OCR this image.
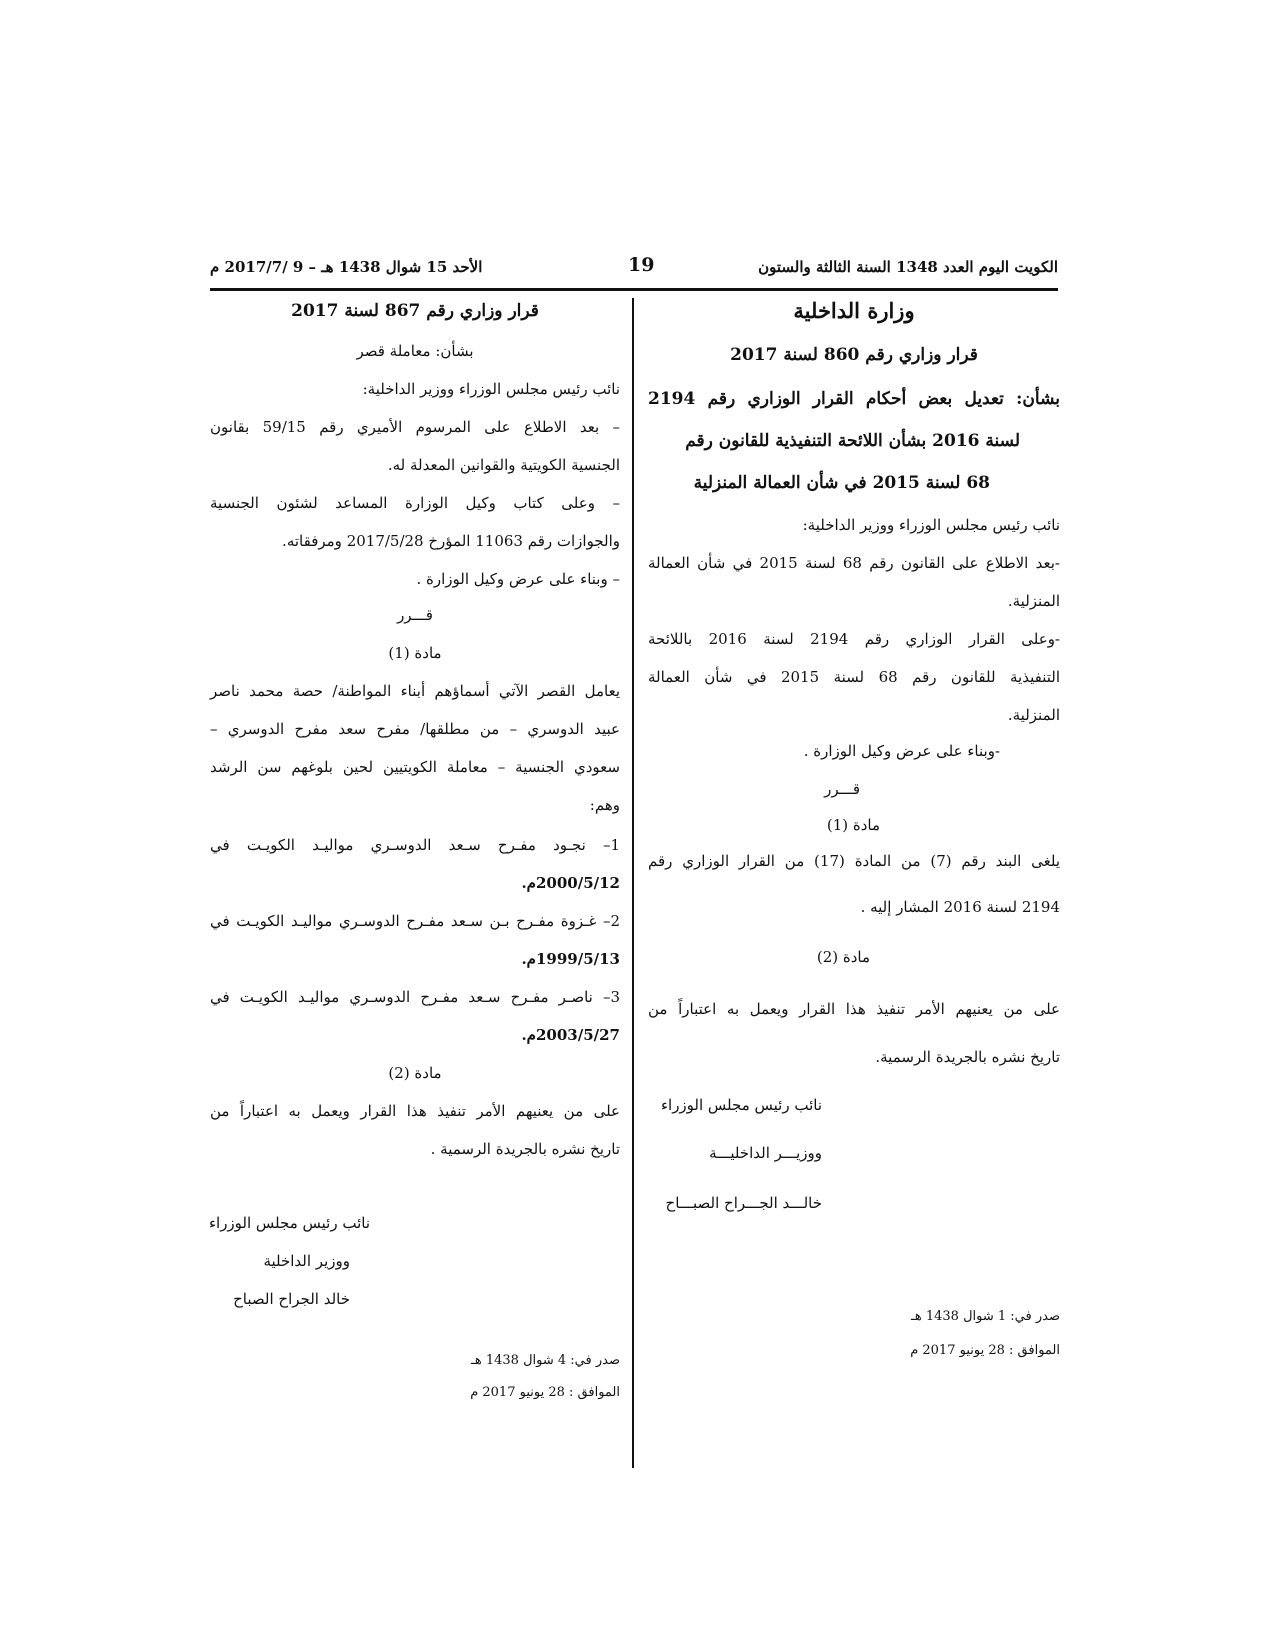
الكويت اليوم العدد 1348 السنة الثالثة والستون
19
الأحد 15 شوال 1438 هـ – 9 /2017/7 م
وزارة الداخلية
قرار وزاري رقم 860 لسنة 2017
بشأن: تعديل بعض أحكام القرار الوزاري رقم 2194
لسنة 2016 بشأن اللائحة التنفيذية للقانون رقم
68 لسنة 2015 في شأن العمالة المنزلية
نائب رئيس مجلس الوزراء ووزير الداخلية:
-بعد الاطلاع على القانون رقم 68 لسنة 2015 في شأن العمالة
المنزلية.
-وعلى القرار الوزاري رقم 2194 لسنة 2016 باللائحة
التنفيذية للقانون رقم 68 لسنة 2015 في شأن العمالة
المنزلية.
-وبناء على عرض وكيل الوزارة .
قـــرر
مادة (1)
يلغى البند رقم (7) من المادة (17) من القرار الوزاري رقم
2194 لسنة 2016 المشار إليه .
مادة (2)
على من يعنيهم الأمر تنفيذ هذا القرار ويعمل به اعتباراً من
تاريخ نشره بالجريدة الرسمية.
نائب رئيس مجلس الوزراء
ووزيـــر الداخليـــة
خالـــد الجـــراح الصبـــاح
صدر في: 1 شوال 1438 هـ
الموافق : 28 يونيو 2017 م
قرار وزاري رقم 867 لسنة 2017
بشأن: معاملة قصر
نائب رئيس مجلس الوزراء ووزير الداخلية:
– بعد الاطلاع على المرسوم الأميري رقم 59/15 بقانون
الجنسية الكويتية والقوانين المعدلة له.
– وعلى كتاب وكيل الوزارة المساعد لشئون الجنسية
والجوازات رقم 11063 المؤرخ 2017/5/28 ومرفقاته.
– وبناء على عرض وكيل الوزارة .
قـــرر
مادة (1)
يعامل القصر الآتي أسماؤهم أبناء المواطنة/ حصة محمد ناصر
عبيد الدوسري – من مطلقها/ مفرح سعد مفرح الدوسري –
سعودي الجنسية – معاملة الكويتيين لحين بلوغهم سن الرشد
وهم:
1– نجـود مفـرح سـعد الدوسـري مواليـد الكويـت في
2000/5/12م.
2– غـزوة مفـرح بـن سـعد مفـرح الدوسـري مواليـد الكويـت في
1999/5/13م.
3– ناصـر مفـرح سـعد مفـرح الدوسـري مواليـد الكويـت في
2003/5/27م.
مادة (2)
على من يعنيهم الأمر تنفيذ هذا القرار ويعمل به اعتباراً من
تاريخ نشره بالجريدة الرسمية .
نائب رئيس مجلس الوزراء
ووزير الداخلية
خالد الجراح الصباح
صدر في: 4 شوال 1438 هـ
الموافق : 28 يونيو 2017 م
